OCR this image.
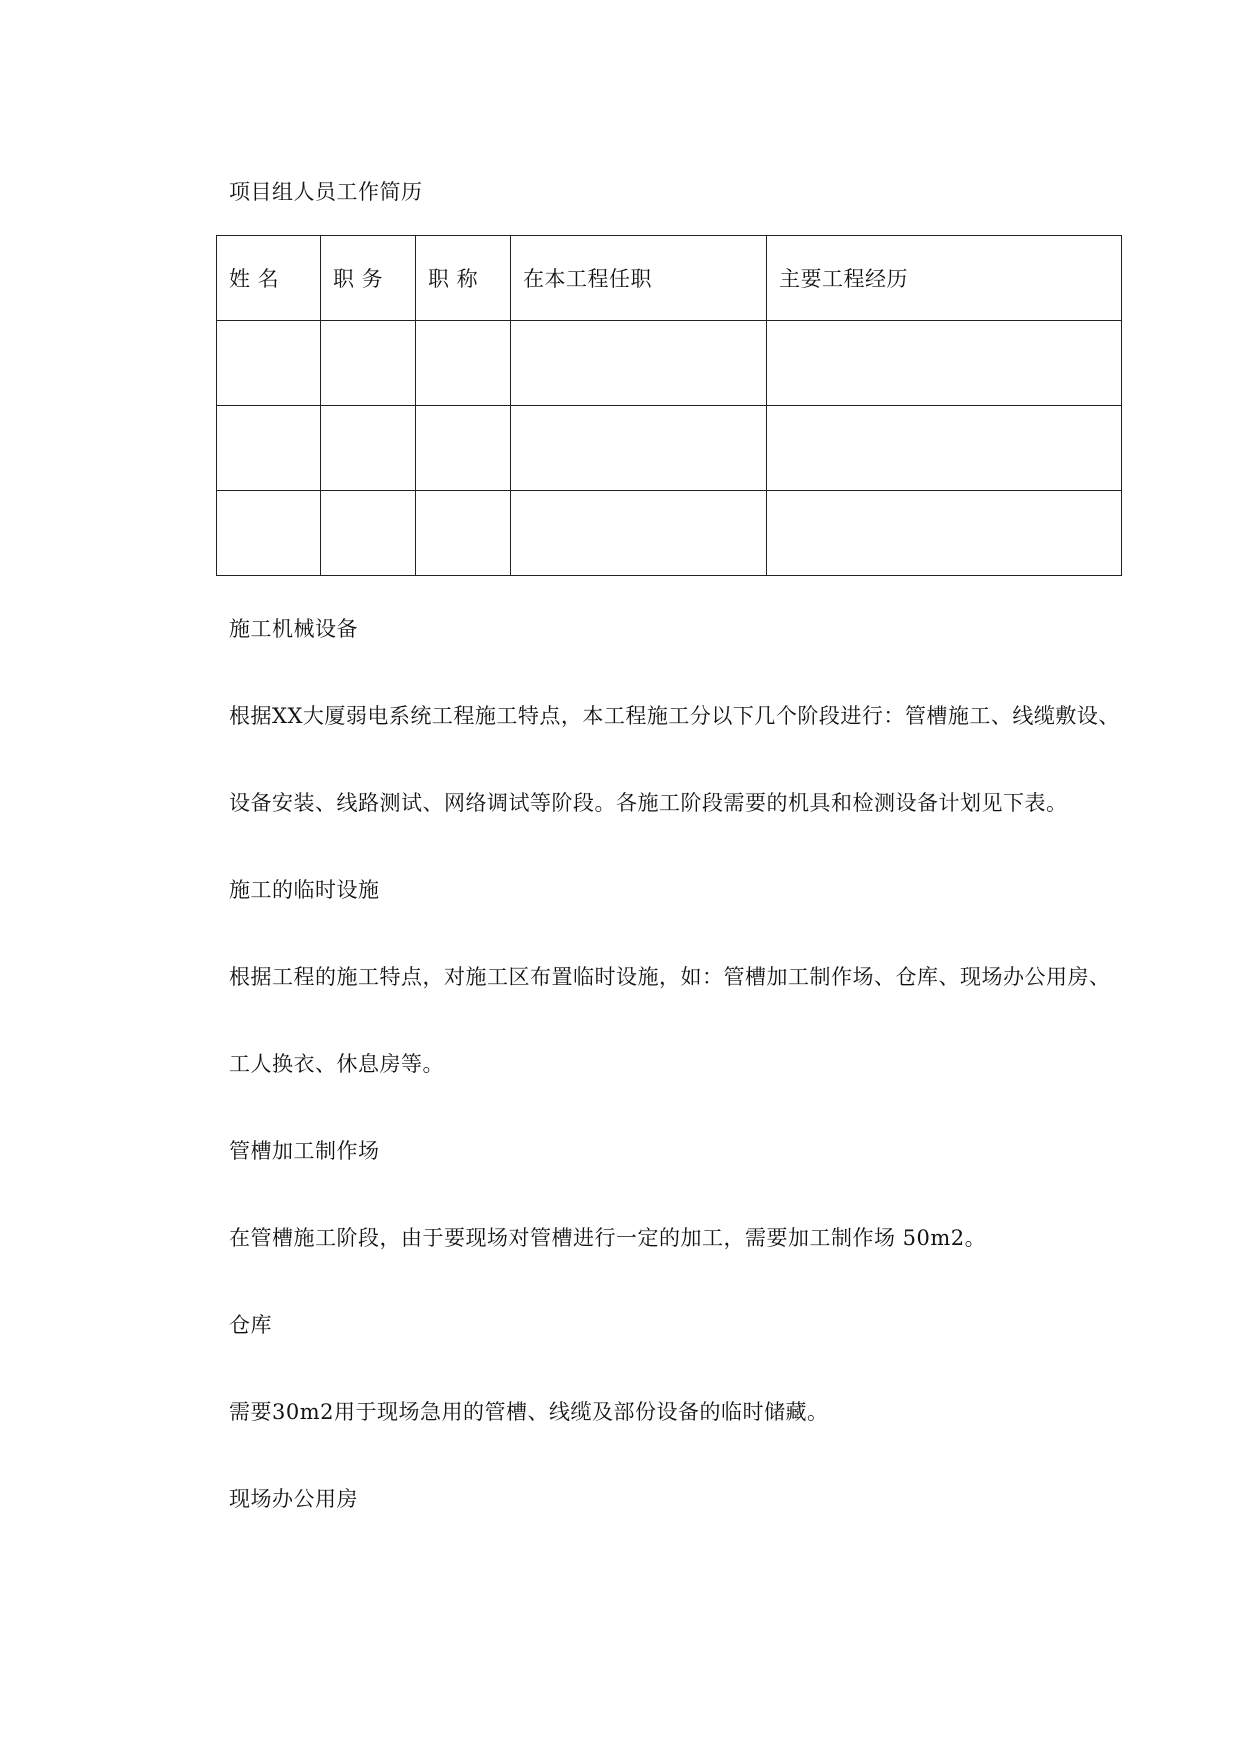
项目组人员工作简历
姓 名	职 务	职 称	在本工程任职	主要工程经历

施工机械设备
根据XX大厦弱电系统工程施工特点，本工程施工分以下几个阶段进行：管槽施工、线缆敷设、
设备安装、线路测试、网络调试等阶段。各施工阶段需要的机具和检测设备计划见下表。
施工的临时设施
根据工程的施工特点，对施工区布置临时设施，如：管槽加工制作场、仓库、现场办公用房、
工人换衣、休息房等。
管槽加工制作场
在管槽施工阶段，由于要现场对管槽进行一定的加工，需要加工制作场 50m2。
仓库
需要30m2用于现场急用的管槽、线缆及部份设备的临时储藏。
现场办公用房
